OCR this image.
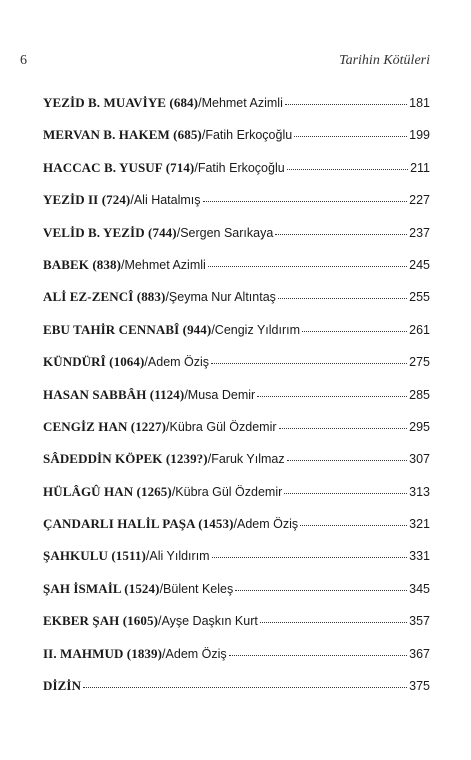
6	Tarihin Kötüleri
YEZİD B. MUAVİYE (684) / Mehmet Azimli	181
MERVAN B. HAKEM (685) / Fatih Erkoçoğlu	199
HACCAC B. YUSUF (714) / Fatih Erkoçoğlu	211
YEZİD II (724) / Ali Hatalmış	227
VELİD B. YEZİD (744) / Sergen Sarıkaya	237
BABEK (838) / Mehmet Azimli	245
ALİ EZ-ZENCÎ (883) / Şeyma Nur Altıntaş	255
EBU TAHİR CENNABÎ (944) / Cengiz Yıldırım	261
KÜNDÜRÎ (1064) / Adem Öziş	275
HASAN SABBÂH (1124) / Musa Demir	285
CENGİZ HAN (1227) / Kübra Gül Özdemir	295
SÂDEDDİN KÖPEK (1239?) / Faruk Yılmaz	307
HÜLÂGÛ HAN (1265) / Kübra Gül Özdemir	313
ÇANDARLI HALİL PAŞA (1453) / Adem Öziş	321
ŞAHKULU (1511) / Ali Yıldırım	331
ŞAH İSMAİL (1524) / Bülent Keleş	345
EKBER ŞAH (1605) / Ayşe Daşkın Kurt	357
II. MAHMUD (1839) / Adem Öziş	367
DİZİN	375
